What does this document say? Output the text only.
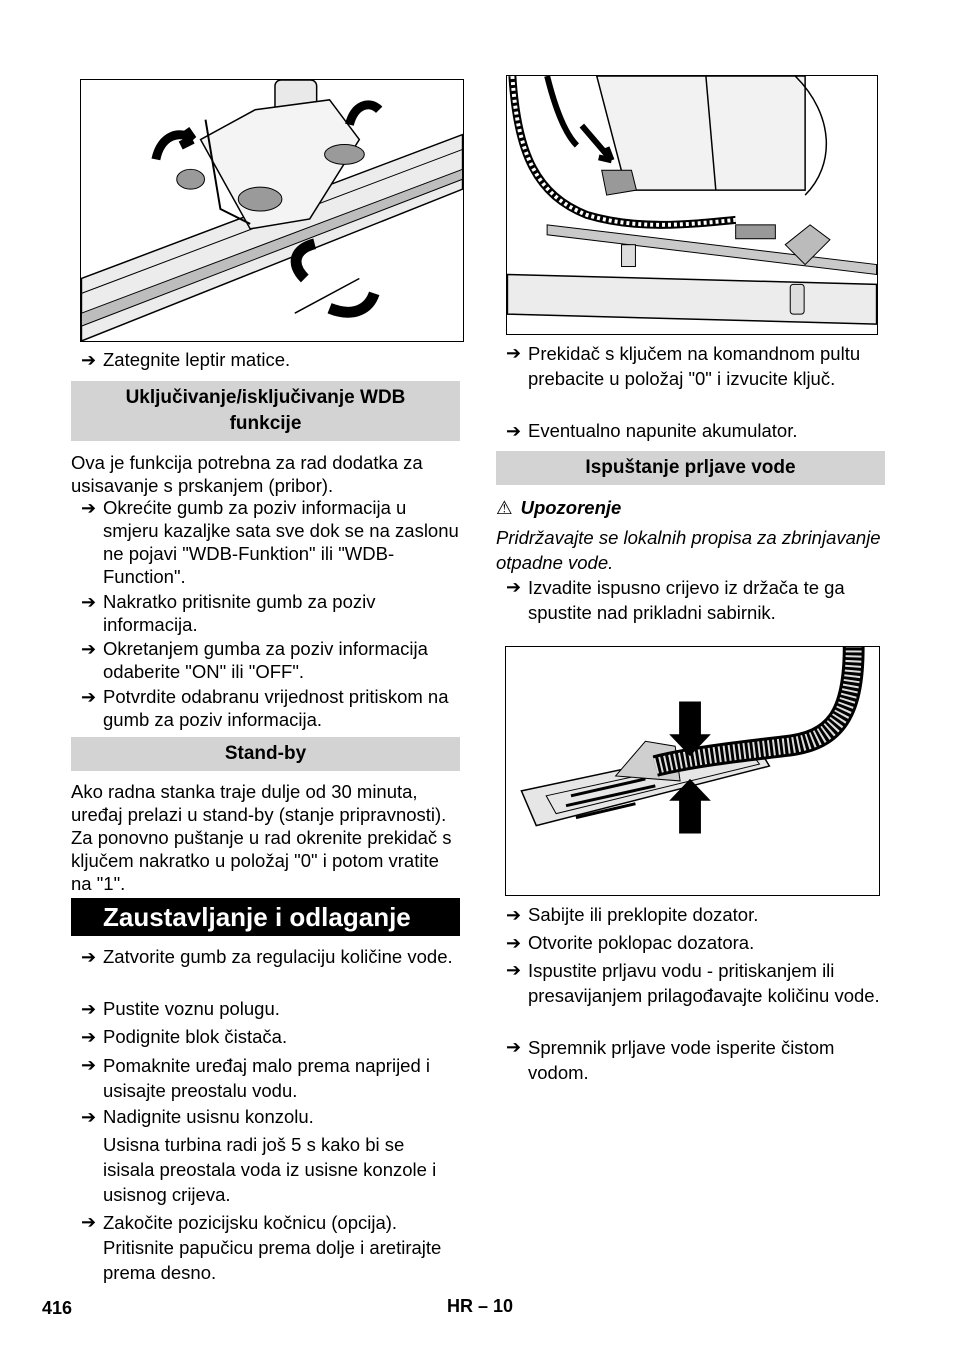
➔ Zategnite leptir matice.
Uključivanje/isključivanje WDB funkcije
Ova je funkcija potrebna za rad dodatka za usisavanje s prskanjem (pribor).
➔ Okrećite gumb za poziv informacija u smjeru kazaljke sata sve dok se na zaslonu ne pojavi "WDB-Funktion" ili "WDB-Function".
➔ Nakratko pritisnite gumb za poziv informacija.
➔ Okretanjem gumba za poziv informacija odaberite "ON" ili "OFF".
➔ Potvrdite odabranu vrijednost pritiskom na gumb za poziv informacija.
Stand-by
Ako radna stanka traje dulje od 30 minuta, uređaj prelazi u stand-by (stanje pripravnosti). Za ponovno puštanje u rad okrenite prekidač s ključem nakratko u položaj "0" i potom vratite na "1".
Zaustavljanje i odlaganje
➔ Zatvorite gumb za regulaciju količine vode.
➔ Pustite voznu polugu.
➔ Podignite blok čistača.
➔ Pomaknite uređaj malo prema naprijed i usisajte preostalu vodu.
➔ Nadignite usisnu konzolu.
Usisna turbina radi još 5 s kako bi se isisala preostala voda iz usisne konzole i usisnog crijeva.
➔ Zakočite pozicijsku kočnicu (opcija). Pritisnite papučicu prema dolje i aretirajte prema desno.
➔ Prekidač s ključem na komandnom pultu prebacite u položaj "0" i izvucite ključ.
➔ Eventualno napunite akumulator.
Ispuštanje prljave vode
⚠ Upozorenje
Pridržavajte se lokalnih propisa za zbrinjavanje otpadne vode.
➔ Izvadite ispusno crijevo iz držača te ga spustite nad prikladni sabirnik.
➔ Sabijte ili preklopite dozator.
➔ Otvorite poklopac dozatora.
➔ Ispustite prljavu vodu - pritiskanjem ili presavijanjem prilagođavajte količinu vode.
➔ Spremnik prljave vode isperite čistom vodom.
416	HR – 10
